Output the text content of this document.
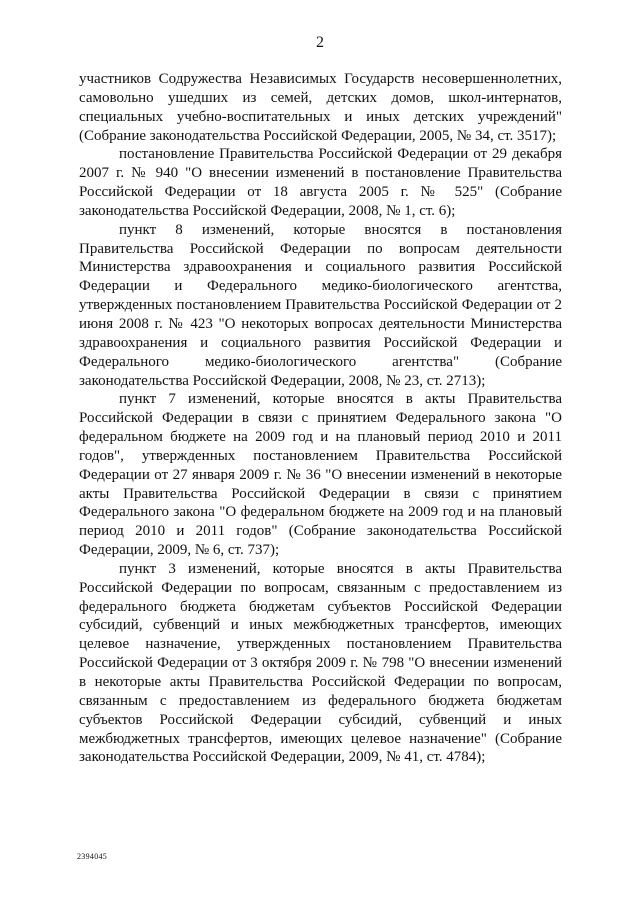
2

участников Содружества Независимых Государств несовершеннолетних, самовольно ушедших из семей, детских домов, школ-интернатов, специальных учебно-воспитательных и иных детских учреждений" (Собрание законодательства Российской Федерации, 2005, № 34, ст. 3517);

постановление Правительства Российской Федерации от 29 декабря 2007 г. № 940 "О внесении изменений в постановление Правительства Российской Федерации от 18 августа 2005 г. № 525" (Собрание законодательства Российской Федерации, 2008, № 1, ст. 6);

пункт 8 изменений, которые вносятся в постановления Правительства Российской Федерации по вопросам деятельности Министерства здравоохранения и социального развития Российской Федерации и Федерального медико-биологического агентства, утвержденных постановлением Правительства Российской Федерации от 2 июня 2008 г. № 423 "О некоторых вопросах деятельности Министерства здравоохранения и социального развития Российской Федерации и Федерального медико-биологического агентства" (Собрание законодательства Российской Федерации, 2008, № 23, ст. 2713);

пункт 7 изменений, которые вносятся в акты Правительства Российской Федерации в связи с принятием Федерального закона "О федеральном бюджете на 2009 год и на плановый период 2010 и 2011 годов", утвержденных постановлением Правительства Российской Федерации от 27 января 2009 г. № 36 "О внесении изменений в некоторые акты Правительства Российской Федерации в связи с принятием Федерального закона "О федеральном бюджете на 2009 год и на плановый период 2010 и 2011 годов" (Собрание законодательства Российской Федерации, 2009, № 6, ст. 737);

пункт 3 изменений, которые вносятся в акты Правительства Российской Федерации по вопросам, связанным с предоставлением из федерального бюджета бюджетам субъектов Российской Федерации субсидий, субвенций и иных межбюджетных трансфертов, имеющих целевое назначение, утвержденных постановлением Правительства Российской Федерации от 3 октября 2009 г. № 798 "О внесении изменений в некоторые акты Правительства Российской Федерации по вопросам, связанным с предоставлением из федерального бюджета бюджетам субъектов Российской Федерации субсидий, субвенций и иных межбюджетных трансфертов, имеющих целевое назначение" (Собрание законодательства Российской Федерации, 2009, № 41, ст. 4784);

2394045
